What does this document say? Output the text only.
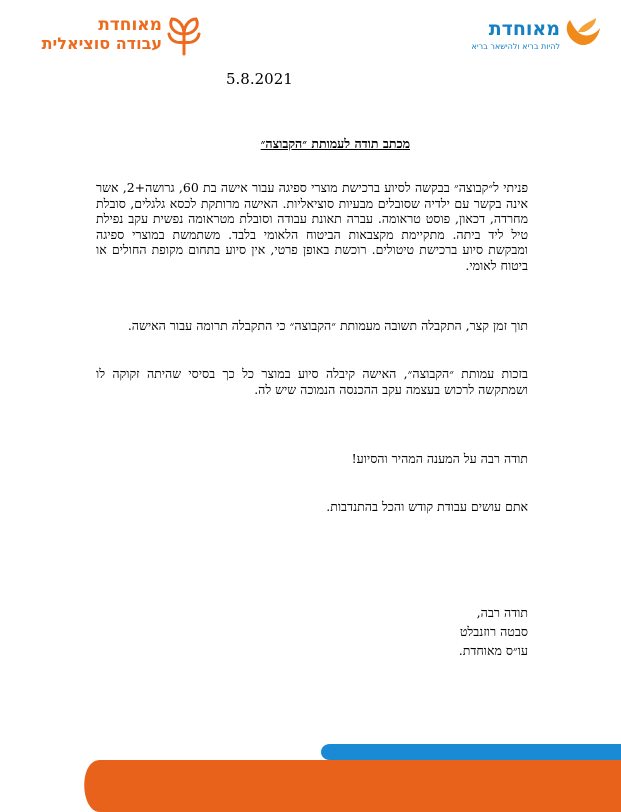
מאוחדת
עבודה סוציאלית
מאוחדת
להיות בריא ולהישאר בריא
5.8.2021
מכתב תודה לעמותת ״הקבוצה״
פניתי ל״קבוצה״ בבקשה לסיוע ברכישת מוצרי ספיגה עבור אישה בת 60, גרושה+2, אשר אינה בקשר עם ילדיה שסובלים מבעיות סוציאליות. האישה מרותקת לכסא גלגלים, סובלת מחרדה, דכאון, פוסט טראומה. עברה תאונת עבודה וסובלת מטראומה נפשית עקב נפילת טיל ליד ביתה. מתקיימת מקצבאות הביטוח הלאומי בלבד. משתמשת במוצרי ספיגה ומבקשת סיוע ברכישת טיטולים. רוכשת באופן פרטי, אין סיוע בתחום מקופת החולים או ביטוח לאומי.
תוך זמן קצר, התקבלה תשובה מעמותת ״הקבוצה״ כי התקבלה תרומה עבור האישה.
בזכות עמותת ״הקבוצה״, האישה קיבלה סיוע במוצר כל כך בסיסי שהיתה זקוקה לו ושמתקשה לרכוש בעצמה עקב ההכנסה הנמוכה שיש לה.
תודה רבה על המענה המהיר והסיוע!
אתם עושים עבודת קודש והכל בהתנדבות.
תודה רבה,
סבטה רוזנבלט
עו״ס מאוחדת.
